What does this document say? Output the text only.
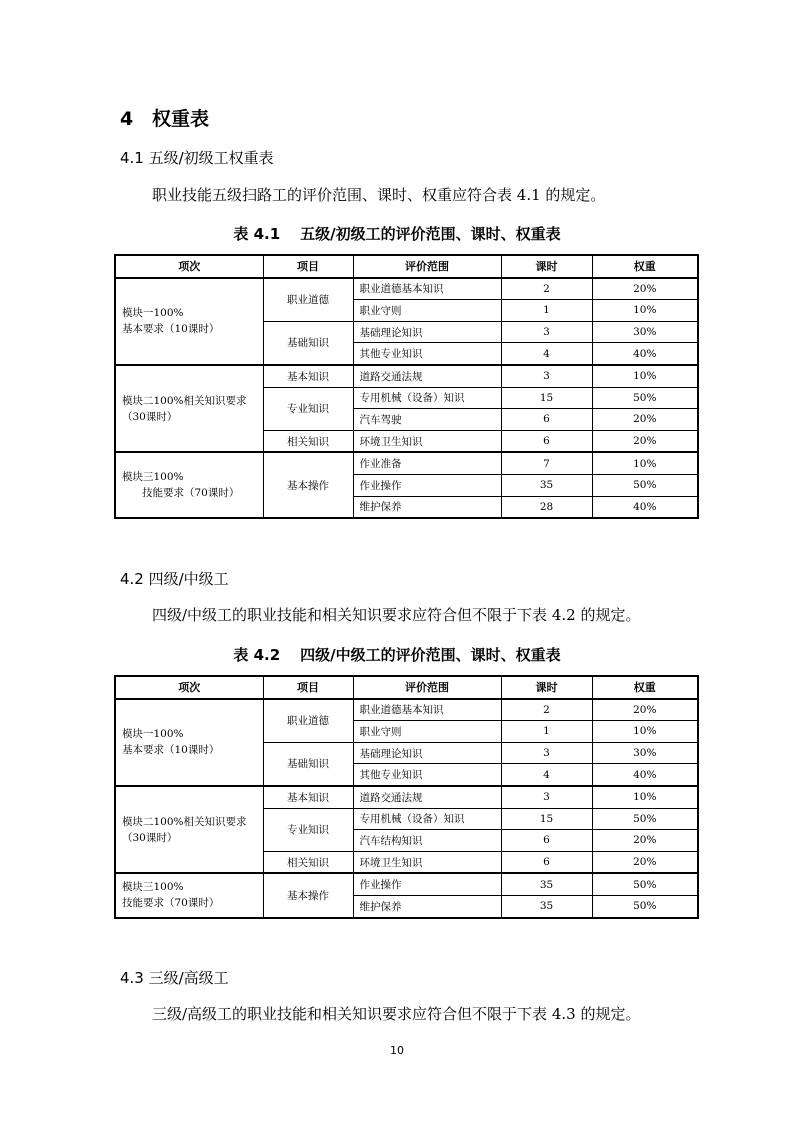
4 权重表
4.1 五级/初级工权重表
职业技能五级扫路工的评价范围、课时、权重应符合表 4.1 的规定。
表 4.1 五级/初级工的评价范围、课时、权重表
项次	项目	评价范围	课时	权重
模块一100%
基本要求（10课时）	职业道德	职业道德基本知识	2	20%
		职业守则	1	10%
	基础知识	基础理论知识	3	30%
		其他专业知识	4	40%
模块二100%相关知识要求
（30课时）	基本知识	道路交通法规	3	10%
	专业知识	专用机械（设备）知识	15	50%
		汽车驾驶	6	20%
	相关知识	环境卫生知识	6	20%
模块三100%
技能要求（70课时）	基本操作	作业准备	7	10%
		作业操作	35	50%
		维护保养	28	40%
4.2 四级/中级工
四级/中级工的职业技能和相关知识要求应符合但不限于下表 4.2 的规定。
表 4.2 四级/中级工的评价范围、课时、权重表
项次	项目	评价范围	课时	权重
模块一100%
基本要求（10课时）	职业道德	职业道德基本知识	2	20%
		职业守则	1	10%
	基础知识	基础理论知识	3	30%
		其他专业知识	4	40%
模块二100%相关知识要求
（30课时）	基本知识	道路交通法规	3	10%
	专业知识	专用机械（设备）知识	15	50%
		汽车结构知识	6	20%
	相关知识	环境卫生知识	6	20%
模块三100%
技能要求（70课时）	基本操作	作业操作	35	50%
		维护保养	35	50%
4.3 三级/高级工
三级/高级工的职业技能和相关知识要求应符合但不限于下表 4.3 的规定。
10
